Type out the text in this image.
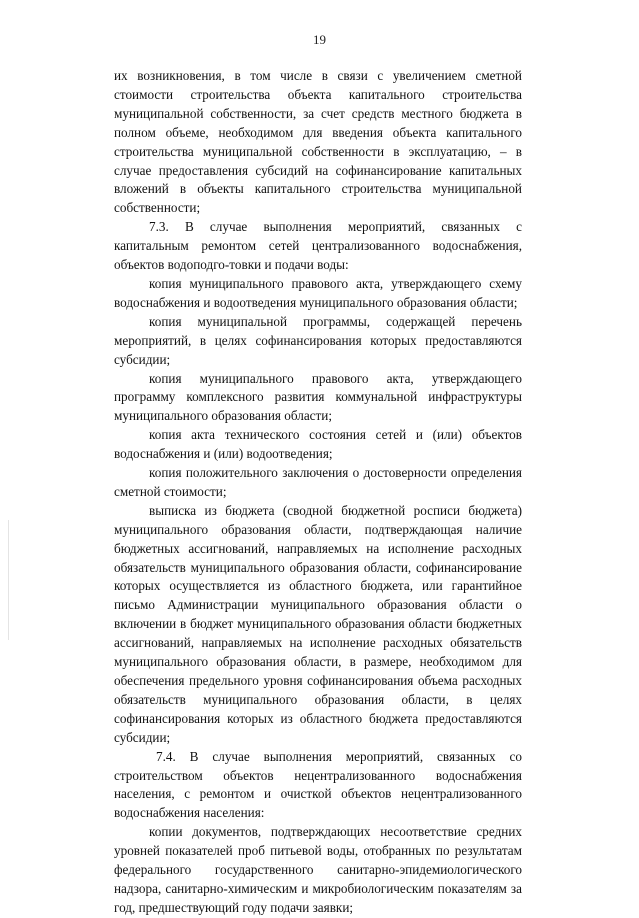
19

их возникновения, в том числе в связи с увеличением сметной стоимости строительства объекта капитального строительства муниципальной собственности, за счет средств местного бюджета в полном объеме, необходимом для введения объекта капитального строительства муниципальной собственности в эксплуатацию, – в случае предоставления субсидий на софинансирование капитальных вложений в объекты капитального строительства муниципальной собственности;

7.3. В случае выполнения мероприятий, связанных с капитальным ремонтом сетей централизованного водоснабжения, объектов водоподго-товки и подачи воды:

копия муниципального правового акта, утверждающего схему водоснабжения и водоотведения муниципального образования области;

копия муниципальной программы, содержащей перечень мероприятий, в целях софинансирования которых предоставляются субсидии;

копия муниципального правового акта, утверждающего программу комплексного развития коммунальной инфраструктуры муниципального образования области;

копия акта технического состояния сетей и (или) объектов водоснабжения и (или) водоотведения;

копия положительного заключения о достоверности определения сметной стоимости;

выписка из бюджета (сводной бюджетной росписи бюджета) муниципального образования области, подтверждающая наличие бюджетных ассигнований, направляемых на исполнение расходных обязательств муниципального образования области, софинансирование которых осуществляется из областного бюджета, или гарантийное письмо Администрации муниципального образования области о включении в бюджет муниципального образования области бюджетных ассигнований, направляемых на исполнение расходных обязательств муниципального образования области, в размере, необходимом для обеспечения предельного уровня софинансирования объема расходных обязательств муниципального образования области, в целях софинансирования которых из областного бюджета предоставляются субсидии;

7.4. В случае выполнения мероприятий, связанных со строительством объектов нецентрализованного водоснабжения населения, с ремонтом и очисткой объектов нецентрализованного водоснабжения населения:

копии документов, подтверждающих несоответствие средних уровней показателей проб питьевой воды, отобранных по результатам федерального государственного санитарно-эпидемиологического надзора, санитарно-химическим и микробиологическим показателям за год, предшествующий году подачи заявки;
